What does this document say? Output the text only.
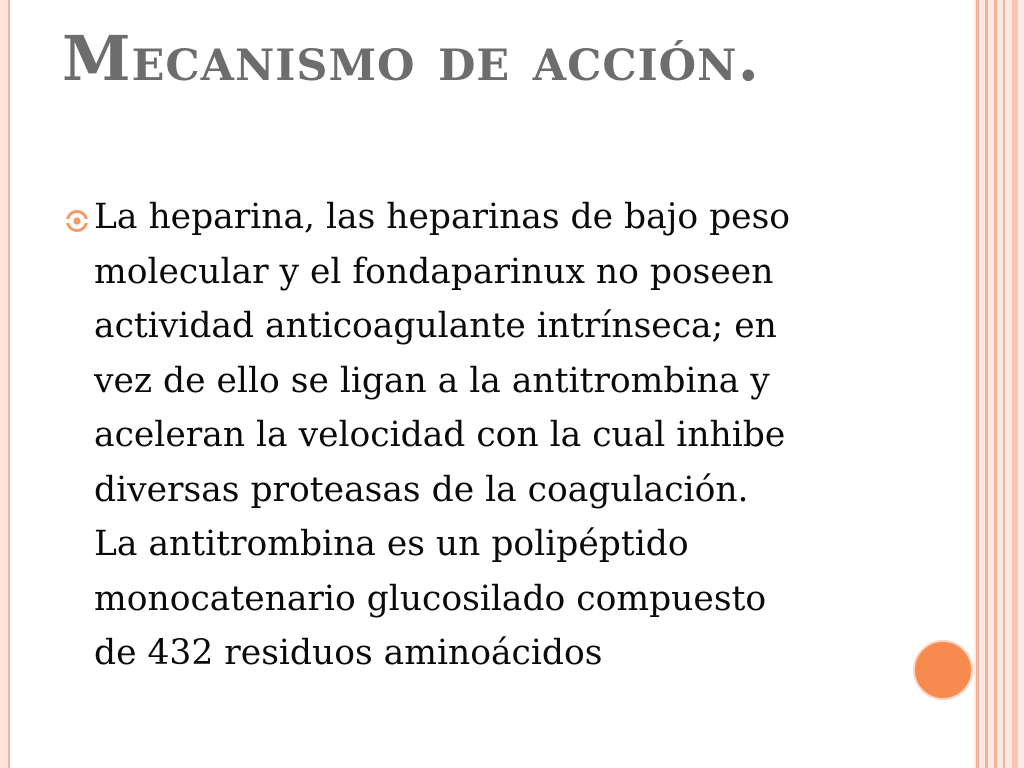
Mecanismo de acción.

La heparina, las heparinas de bajo peso
molecular y el fondaparinux no poseen
actividad anticoagulante intrínseca; en
vez de ello se ligan a la antitrombina y
aceleran la velocidad con la cual inhibe
diversas proteasas de la coagulación.
La antitrombina es un polipéptido
monocatenario glucosilado compuesto
de 432 residuos aminoácidos
